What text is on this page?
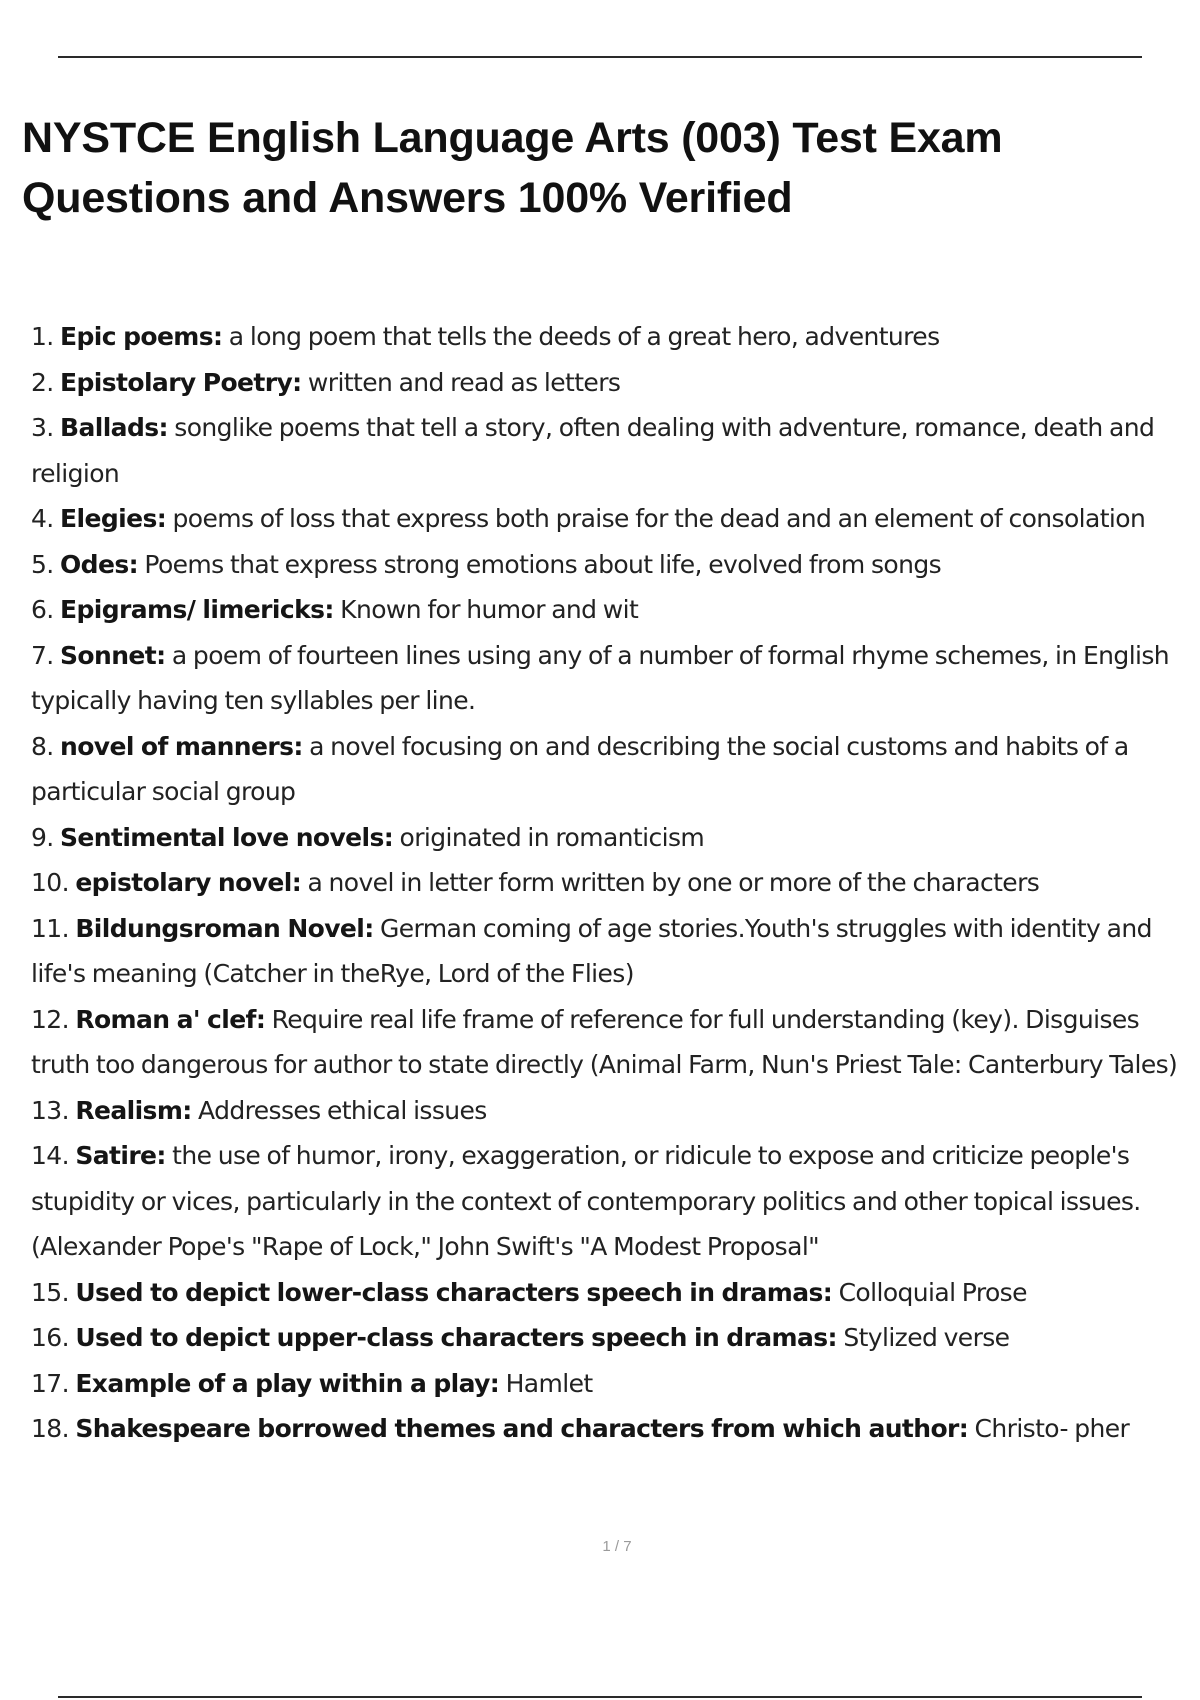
NYSTCE English Language Arts (003) Test Exam Questions and Answers 100% Verified
1. Epic poems: a long poem that tells the deeds of a great hero, adventures
2. Epistolary Poetry: written and read as letters
3. Ballads: songlike poems that tell a story, often dealing with adventure, romance, death and religion
4. Elegies: poems of loss that express both praise for the dead and an element of consolation
5. Odes: Poems that express strong emotions about life, evolved from songs
6. Epigrams/ limericks: Known for humor and wit
7. Sonnet: a poem of fourteen lines using any of a number of formal rhyme schemes, in English typically having ten syllables per line.
8. novel of manners: a novel focusing on and describing the social customs and habits of a particular social group
9. Sentimental love novels: originated in romanticism
10. epistolary novel: a novel in letter form written by one or more of the characters
11. Bildungsroman Novel: German coming of age stories.Youth's struggles with identity and life's meaning (Catcher in theRye, Lord of the Flies)
12. Roman a' clef: Require real life frame of reference for full understanding (key). Disguises truth too dangerous for author to state directly (Animal Farm, Nun's Priest Tale: Canterbury Tales)
13. Realism: Addresses ethical issues
14. Satire: the use of humor, irony, exaggeration, or ridicule to expose and criticize people's stupidity or vices, particularly in the context of contemporary politics and other topical issues. (Alexander Pope's "Rape of Lock," John Swift's "A Modest Proposal"
15. Used to depict lower-class characters speech in dramas: Colloquial Prose
16. Used to depict upper-class characters speech in dramas: Stylized verse
17. Example of a play within a play: Hamlet
18. Shakespeare borrowed themes and characters from which author: Christo- pher
1 / 7
